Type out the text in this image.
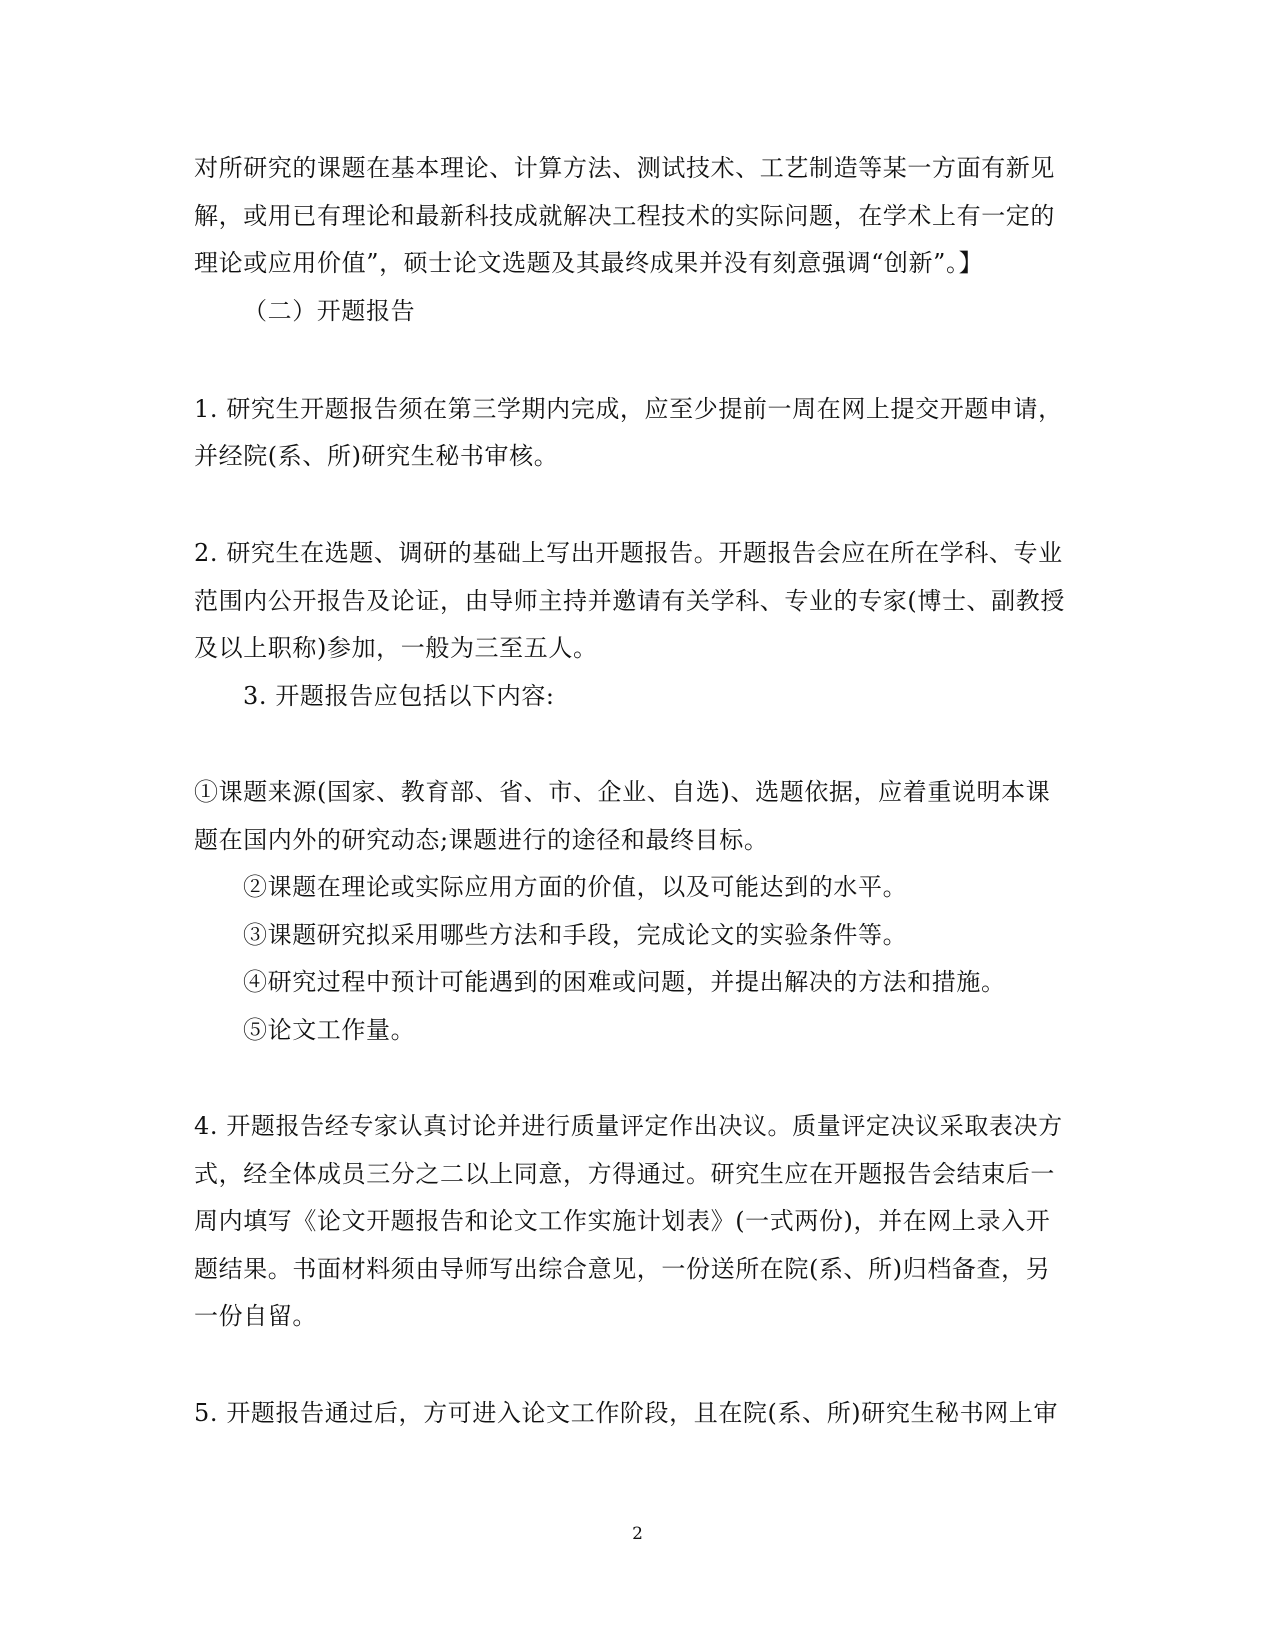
对所研究的课题在基本理论、计算方法、测试技术、工艺制造等某一方面有新见
解，或用已有理论和最新科技成就解决工程技术的实际问题，在学术上有一定的
理论或应用价值”，硕士论文选题及其最终成果并没有刻意强调“创新”。】
（二）开题报告
1. 研究生开题报告须在第三学期内完成，应至少提前一周在网上提交开题申请，
并经院(系、所)研究生秘书审核。
2. 研究生在选题、调研的基础上写出开题报告。开题报告会应在所在学科、专业
范围内公开报告及论证，由导师主持并邀请有关学科、专业的专家(博士、副教授
及以上职称)参加，一般为三至五人。
3. 开题报告应包括以下内容:
①课题来源(国家、教育部、省、市、企业、自选)、选题依据，应着重说明本课
题在国内外的研究动态;课题进行的途径和最终目标。
②课题在理论或实际应用方面的价值，以及可能达到的水平。
③课题研究拟采用哪些方法和手段，完成论文的实验条件等。
④研究过程中预计可能遇到的困难或问题，并提出解决的方法和措施。
⑤论文工作量。
4. 开题报告经专家认真讨论并进行质量评定作出决议。质量评定决议采取表决方
式，经全体成员三分之二以上同意，方得通过。研究生应在开题报告会结束后一
周内填写《论文开题报告和论文工作实施计划表》(一式两份)，并在网上录入开
题结果。书面材料须由导师写出综合意见，一份送所在院(系、所)归档备查，另
一份自留。
5. 开题报告通过后，方可进入论文工作阶段，且在院(系、所)研究生秘书网上审
2
